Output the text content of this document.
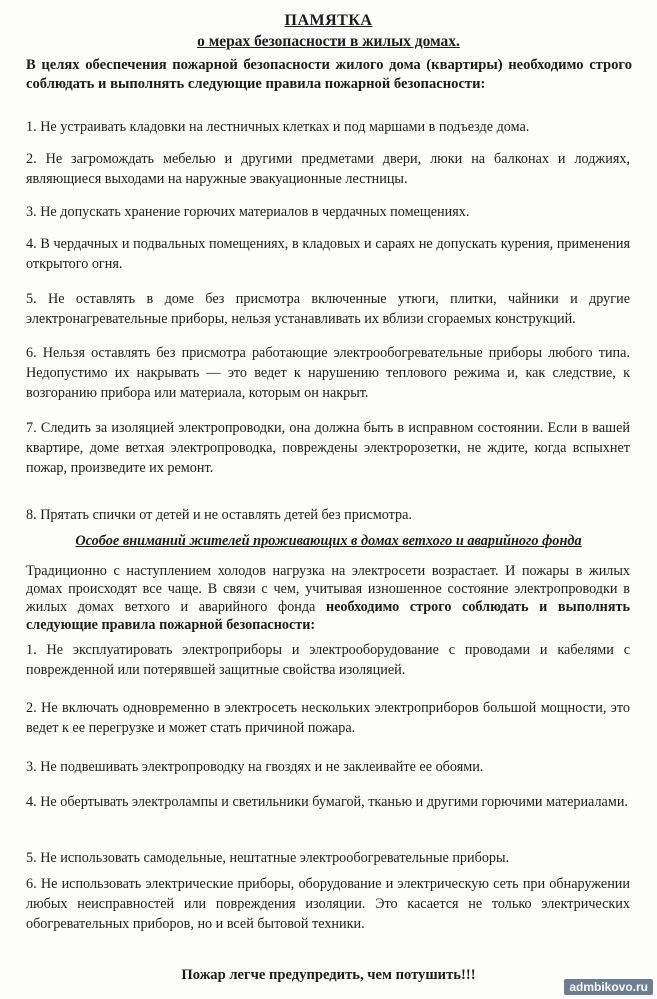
ПАМЯТКА
о мерах безопасности в жилых домах.
В целях обеспечения пожарной безопасности жилого дома (квартиры) необходимо строго соблюдать и выполнять следующие правила пожарной безопасности:
1. Не устраивать кладовки на лестничных клетках и под маршами в подъезде дома.
2. Не загромождать мебелью и другими предметами двери, люки на балконах и лоджиях, являющиеся выходами на наружные эвакуационные лестницы.
3. Не допускать хранение горючих материалов в чердачных помещениях.
4. В чердачных и подвальных помещениях, в кладовых и сараях не допускать курения, применения открытого огня.
5. Не оставлять в доме без присмотра включенные утюги, плитки, чайники и другие электронагревательные приборы, нельзя устанавливать их вблизи сгораемых конструкций.
6. Нельзя оставлять без присмотра работающие электрообогревательные приборы любого типа. Недопустимо их накрывать — это ведет к нарушению теплового режима и, как следствие, к возгоранию прибора или материала, которым он накрыт.
7. Следить за изоляцией электропроводки, она должна быть в исправном состоянии. Если в вашей квартире, доме ветхая электропроводка, повреждены электророзетки, не ждите, когда вспыхнет пожар, произведите их ремонт.
8. Прятать спички от детей и не оставлять детей без присмотра.
Особое вниманий жителей проживающих в домах ветхого и аварийного фонда
Традиционно с наступлением холодов нагрузка на электросети возрастает. И пожары в жилых домах происходят все чаще. В связи с чем, учитывая изношенное состояние электропроводки в жилых домах ветхого и аварийного фонда необходимо строго соблюдать и выполнять следующие правила пожарной безопасности:
1. Не эксплуатировать электроприборы и электрооборудование с проводами и кабелями с поврежденной или потерявшей защитные свойства изоляцией.
2. Не включать одновременно в электросеть нескольких электроприборов большой мощности, это ведет к ее перегрузке и может стать причиной пожара.
3. Не подвешивать электропроводку на гвоздях и не заклеивайте ее обоями.
4. Не обертывать электролампы и светильники бумагой, тканью и другими горючими материалами.
5. Не использовать самодельные, нештатные электрообогревательные приборы.
6. Не использовать электрические приборы, оборудование и электрическую сеть при обнаружении любых неисправностей или повреждения изоляции. Это касается не только электрических обогревательных приборов, но и всей бытовой техники.
Пожар легче предупредить, чем потушить!!!
admbikovo.ru
